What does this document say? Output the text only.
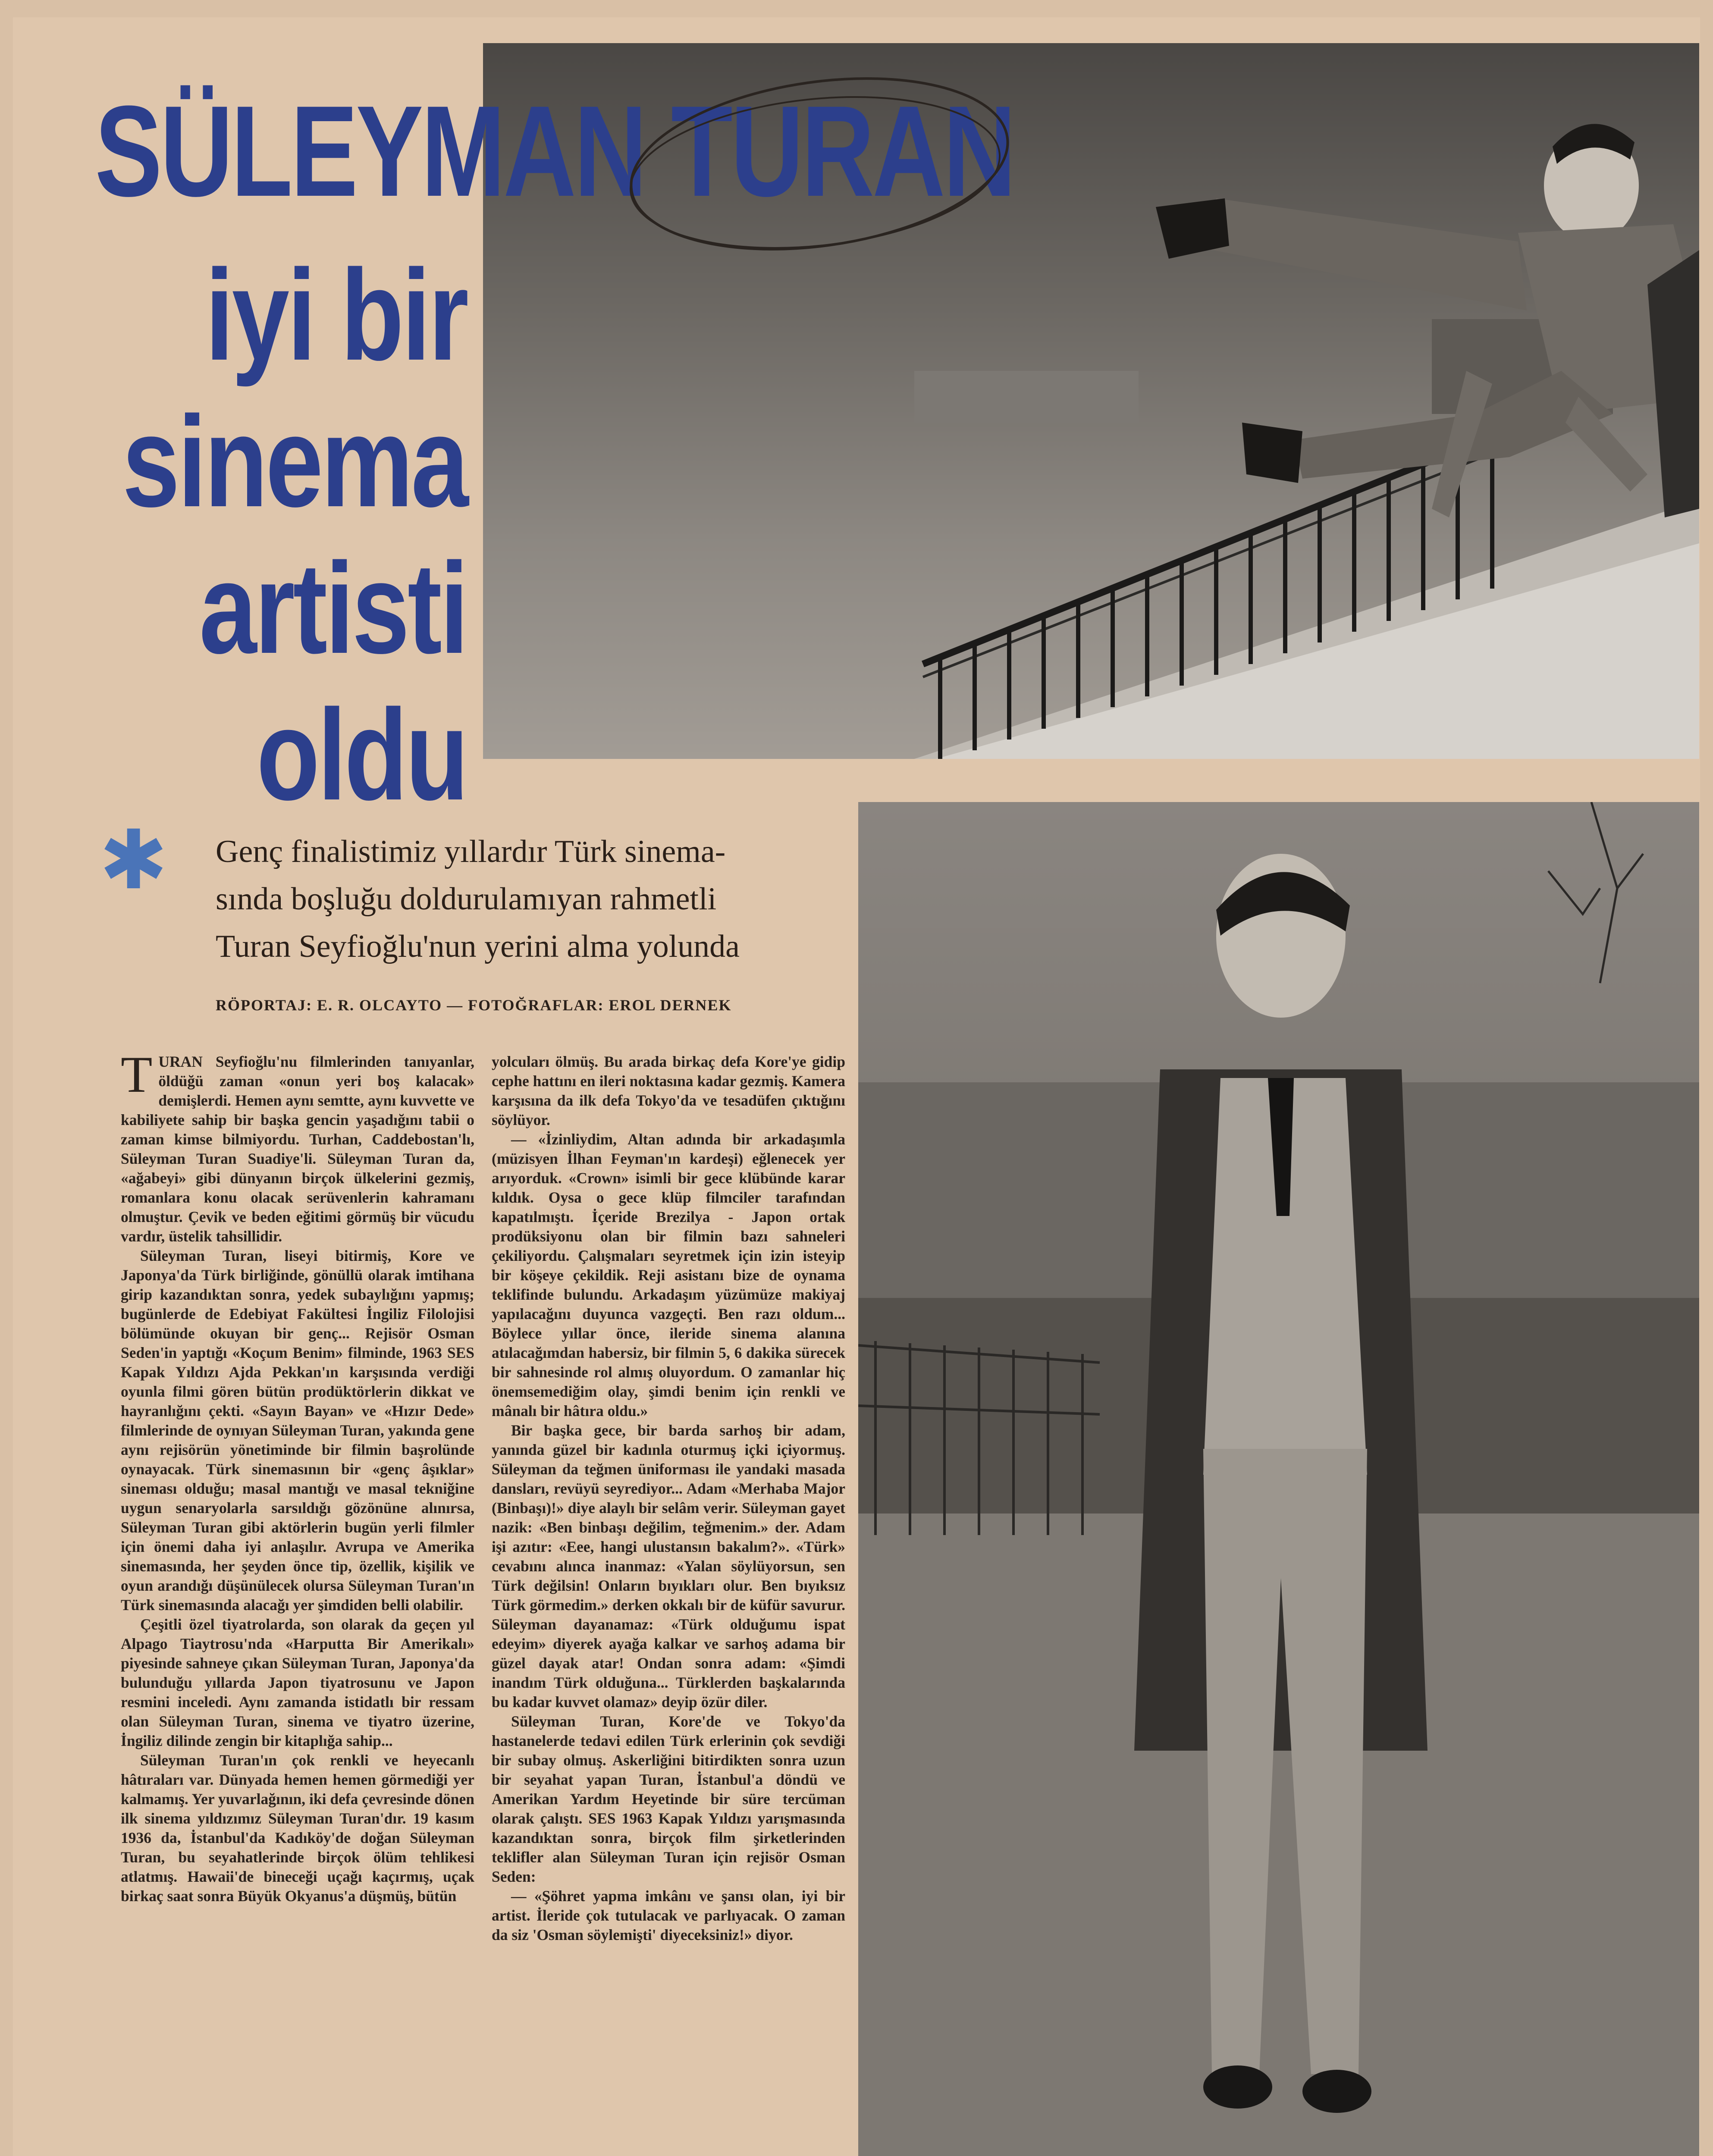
SÜLEYMAN TURAN
iyi bir
sinema
artisti
oldu
✱ Genç finalistimiz yıllardır Türk sinema-
sında boşluğu doldurulamıyan rahmetli
Turan Seyfioğlu'nun yerini alma yolunda
RÖPORTAJ: E. R. OLCAYTO — FOTOĞRAFLAR: EROL DERNEK

TURAN Seyfioğlu'nu filmlerinden tanıyanlar, öldüğü zaman «onun yeri boş kalacak» demişlerdi. Hemen aynı semtte, aynı kuvvette ve kabiliyete sahip bir başka gencin yaşadığını tabii o zaman kimse bilmiyordu. Turhan, Caddebostan'lı, Süleyman Turan Suadiye'li. Süleyman Turan da, «ağabeyi» gibi dünyanın birçok ülkelerini gezmiş, romanlara konu olacak serüvenlerin kahramanı olmuştur. Çevik ve beden eğitimi görmüş bir vücudu vardır, üstelik tahsillidir.

Süleyman Turan, liseyi bitirmiş, Kore ve Japonya'da Türk birliğinde, gönüllü olarak imtihana girip kazandıktan sonra, yedek subaylığını yapmış; bugünlerde de Edebiyat Fakültesi İngiliz Filolojisi bölümünde okuyan bir genç... Rejisör Osman Seden'in yaptığı «Koçum Benim» filminde, 1963 SES Kapak Yıldızı Ajda Pekkan'ın karşısında verdiği oyunla filmi gören bütün prodüktörlerin dikkat ve hayranlığını çekti. «Sayın Bayan» ve «Hızır Dede» filmlerinde de oynıyan Süleyman Turan, yakında gene aynı rejisörün yönetiminde bir filmin başrolünde oynayacak. Türk sinemasının bir «genç âşıklar» sineması olduğu; masal mantığı ve masal tekniğine uygun senaryolarla sarsıldığı gözönüne alınırsa, Süleyman Turan gibi aktörlerin bugün yerli filmler için önemi daha iyi anlaşılır. Avrupa ve Amerika sinemasında, her şeyden önce tip, özellik, kişilik ve oyun arandığı düşünülecek olursa Süleyman Turan'ın Türk sinemasında alacağı yer şimdiden belli olabilir.

Çeşitli özel tiyatrolarda, son olarak da geçen yıl Alpago Tiaytrosu'nda «Harputta Bir Amerikalı» piyesinde sahneye çıkan Süleyman Turan, Japonya'da bulunduğu yıllarda Japon tiyatrosunu ve Japon resmini inceledi. Aynı zamanda istidatlı bir ressam olan Süleyman Turan, sinema ve tiyatro üzerine, İngiliz dilinde zengin bir kitaplığa sahip...

Süleyman Turan'ın çok renkli ve heyecanlı hâtıraları var. Dünyada hemen hemen görmediği yer kalmamış. Yer yuvarlağının, iki defa çevresinde dönen ilk sinema yıldızımız Süleyman Turan'dır. 19 kasım 1936 da, İstanbul'da Kadıköy'de doğan Süleyman Turan, bu seyahatlerinde birçok ölüm tehlikesi atlatmış. Hawaii'de bineceği uçağı kaçırmış, uçak birkaç saat sonra Büyük Okyanus'a düşmüş, bütün

yolcuları ölmüş. Bu arada birkaç defa Kore'ye gidip cephe hattını en ileri noktasına kadar gezmiş. Kamera karşısına da ilk defa Tokyo'da ve tesadüfen çıktığını söylüyor.

— «İzinliydim, Altan adında bir arkadaşımla (müzisyen İlhan Feyman'ın kardeşi) eğlenecek yer arıyorduk. «Crown» isimli bir gece klübünde karar kıldık. Oysa o gece klüp filmciler tarafından kapatılmıştı. İçeride Brezilya - Japon ortak prodüksiyonu olan bir filmin bazı sahneleri çekiliyordu. Çalışmaları seyretmek için izin isteyip bir köşeye çekildik. Reji asistanı bize de oynama teklifinde bulundu. Arkadaşım yüzümüze makiyaj yapılacağını duyunca vazgeçti. Ben razı oldum... Böylece yıllar önce, ileride sinema alanına atılacağımdan habersiz, bir filmin 5, 6 dakika sürecek bir sahnesinde rol almış oluyordum. O zamanlar hiç önemsemediğim olay, şimdi benim için renkli ve mânalı bir hâtıra oldu.»

Bir başka gece, bir barda sarhoş bir adam, yanında güzel bir kadınla oturmuş içki içiyormuş. Süleyman da teğmen üniforması ile yandaki masada dansları, revüyü seyrediyor... Adam «Merhaba Major (Binbaşı)!» diye alaylı bir selâm verir. Süleyman gayet nazik: «Ben binbaşı değilim, teğmenim.» der. Adam işi azıtır: «Eee, hangi ulustansın bakalım?». «Türk» cevabını alınca inanmaz: «Yalan söylüyorsun, sen Türk değilsin! Onların bıyıkları olur. Ben bıyıksız Türk görmedim.» derken okkalı bir de küfür savurur. Süleyman dayanamaz: «Türk olduğumu ispat edeyim» diyerek ayağa kalkar ve sarhoş adama bir güzel dayak atar! Ondan sonra adam: «Şimdi inandım Türk olduğuna... Türklerden başkalarında bu kadar kuvvet olamaz» deyip özür diler.

Süleyman Turan, Kore'de ve Tokyo'da hastanelerde tedavi edilen Türk erlerinin çok sevdiği bir subay olmuş. Askerliğini bitirdikten sonra uzun bir seyahat yapan Turan, İstanbul'a döndü ve Amerikan Yardım Heyetinde bir süre tercüman olarak çalıştı. SES 1963 Kapak Yıldızı yarışmasında kazandıktan sonra, birçok film şirketlerinden teklifler alan Süleyman Turan için rejisör Osman Seden:

— «Şöhret yapma imkânı ve şansı olan, iyi bir artist. İleride çok tutulacak ve parlıyacak. O zaman da siz 'Osman söylemişti' diyeceksiniz!» diyor.
